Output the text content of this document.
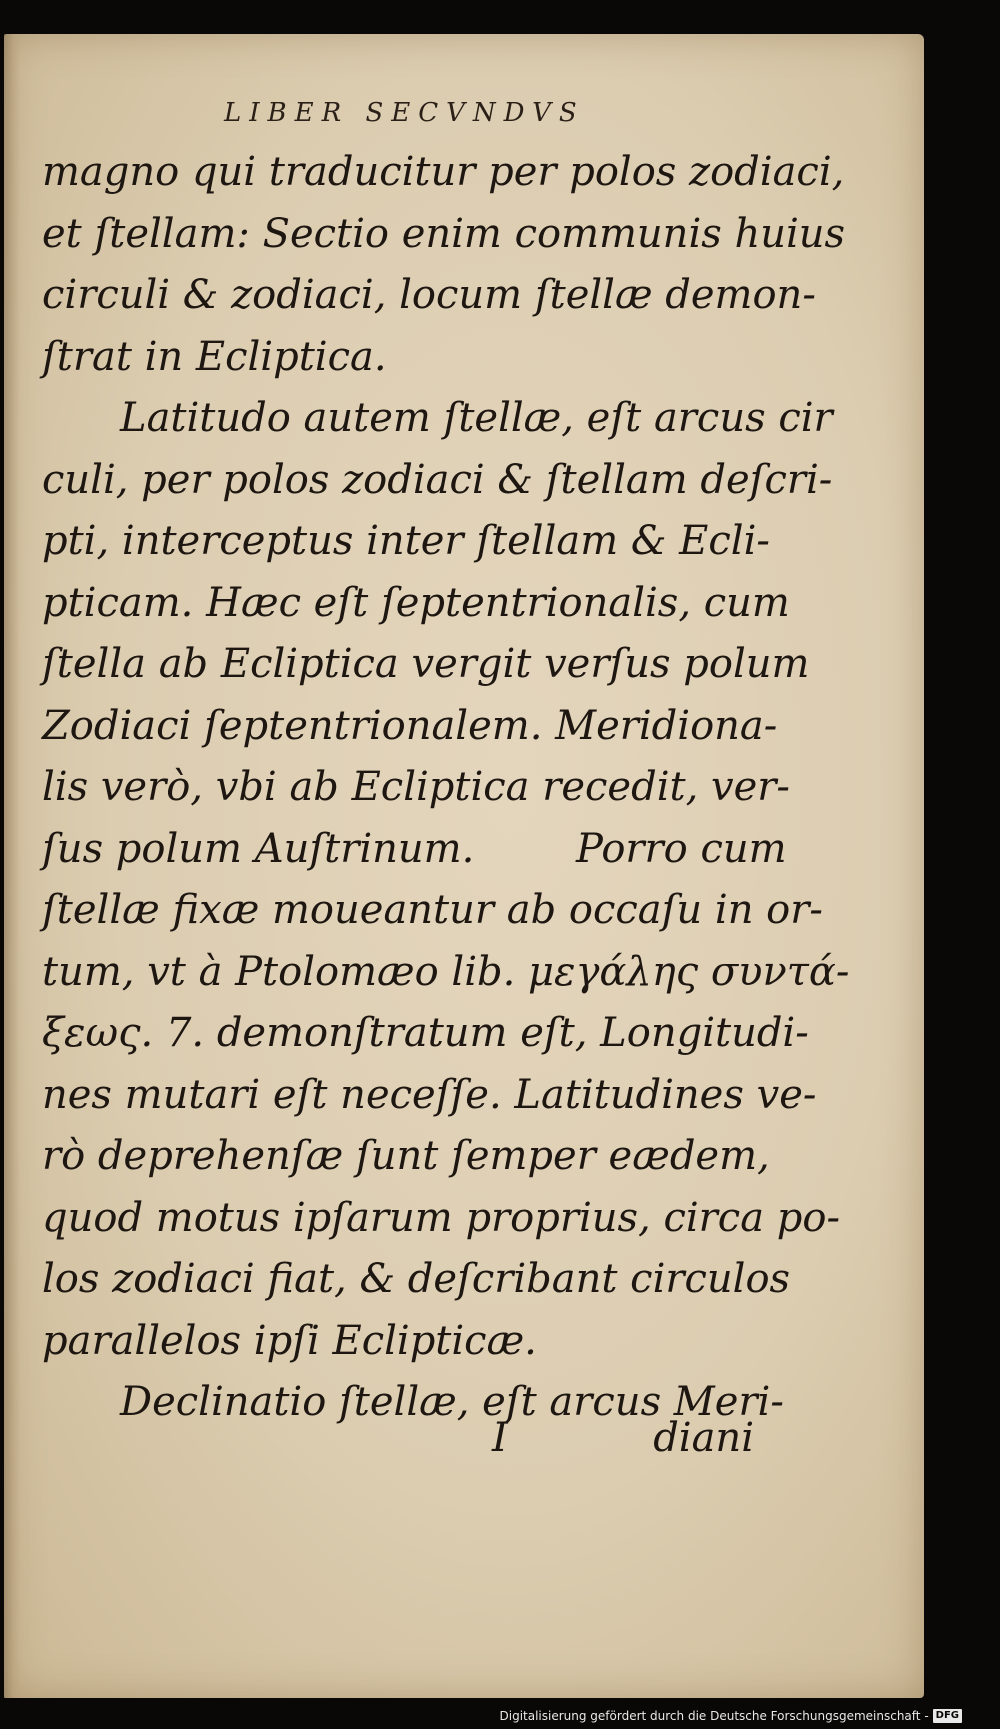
LIBER SECVNDVS
magno qui traducitur per polos zodiaci,
et ſtellam: Sectio enim communis huius
circuli & zodiaci, locum ſtellæ demon-
ſtrat in Ecliptica.
Latitudo autem ſtellæ, eſt arcus cir
culi, per polos zodiaci & ſtellam deſcri-
pti, interceptus inter ſtellam & Ecli-
pticam. Hæc eſt ſeptentrionalis, cum
ſtella ab Ecliptica vergit verſus polum
Zodiaci ſeptentrionalem. Meridiona-
lis verò, vbi ab Ecliptica recedit, ver-
ſus polum Auſtrinum.        Porro cum
ſtellæ fixæ moueantur ab occaſu in or-
tum, vt à Ptolomæo lib. μεγάλης συντά-
ξεως. 7. demonſtratum eſt, Longitudi-
nes mutari eſt neceſſe. Latitudines ve-
rò deprehenſæ ſunt ſemper eædem,
quod motus ipſarum proprius, circa po-
los zodiaci fiat, & deſcribant circulos
parallelos ipſi Eclipticæ.
Declinatio ſtellæ, eſt arcus Meri-
I	diani
Digitalisierung gefördert durch die Deutsche Forschungsgemeinschaft - DFG
